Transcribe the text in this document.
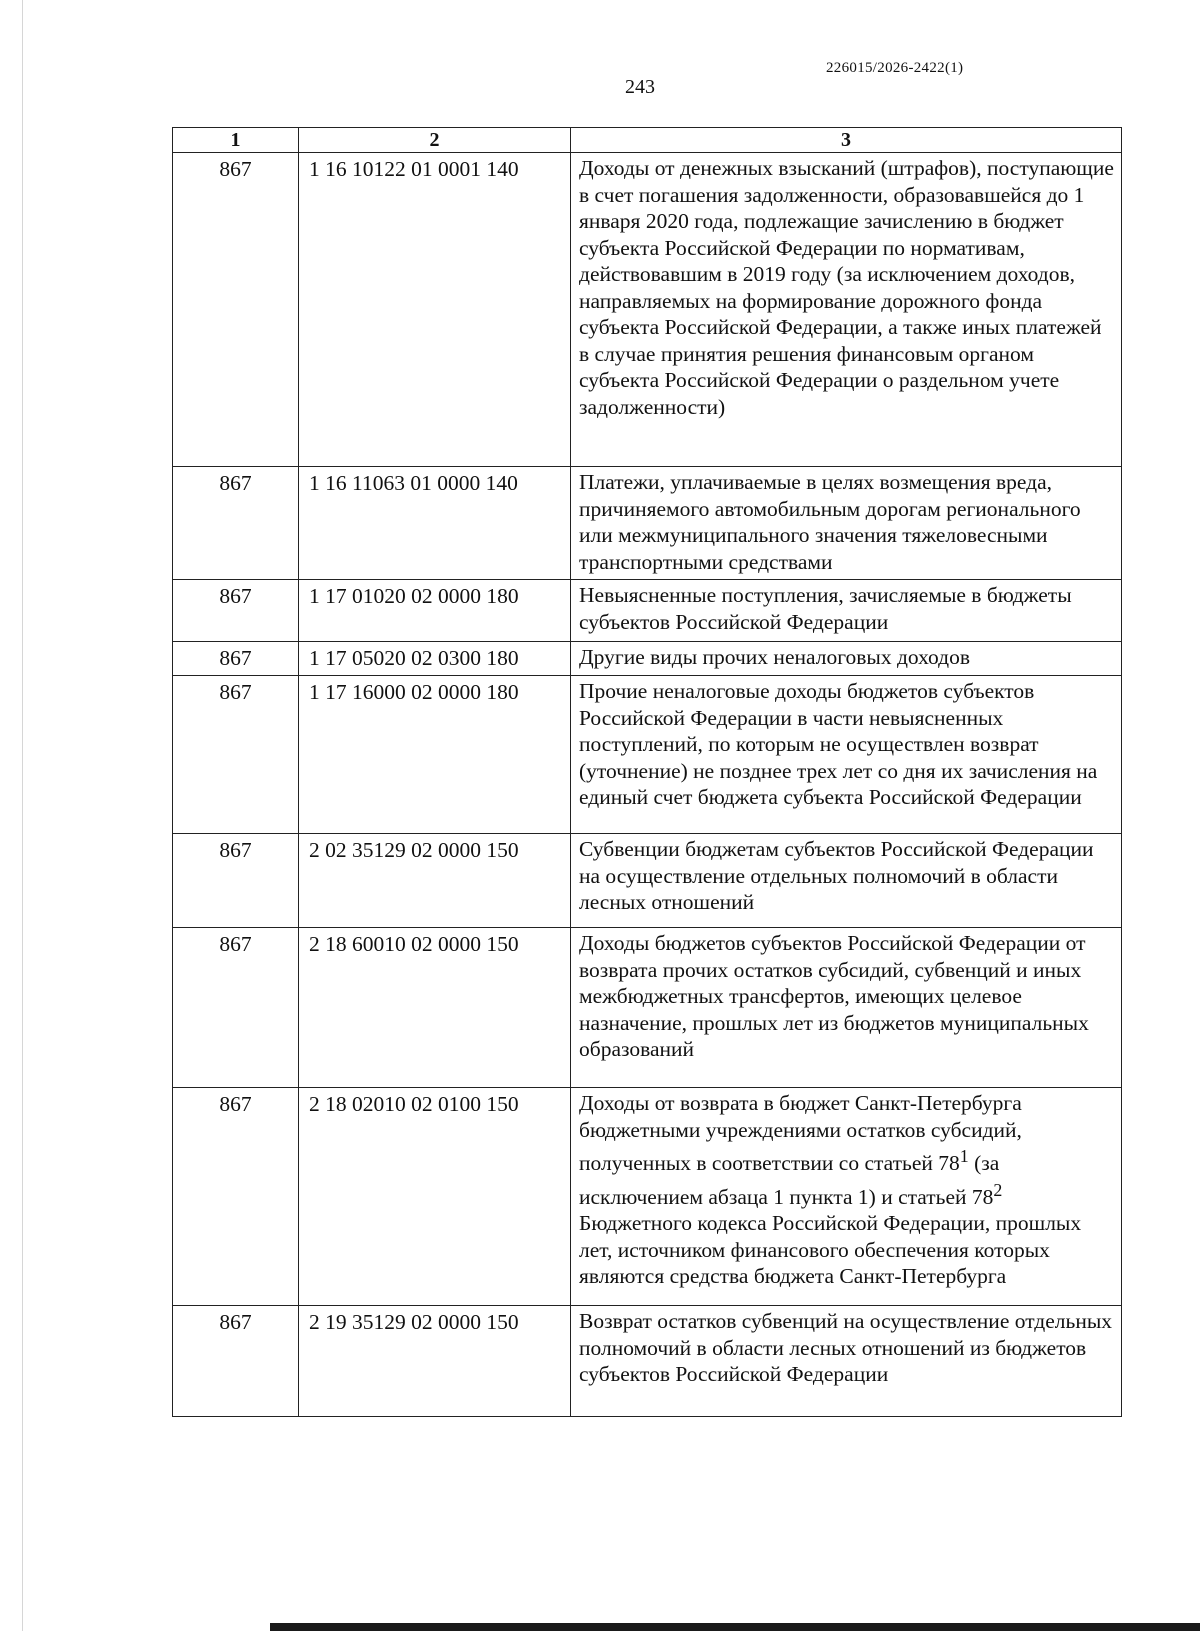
226015/2026-2422(1)
243
1	2	3
867	1 16 10122 01 0001 140	Доходы от денежных взысканий (штрафов), поступающие в счет погашения задолженности, образовавшейся до 1 января 2020 года, подлежащие зачислению в бюджет субъекта Российской Федерации по нормативам, действовавшим в 2019 году (за исключением доходов, направляемых на формирование дорожного фонда субъекта Российской Федерации, а также иных платежей в случае принятия решения финансовым органом субъекта Российской Федерации о раздельном учете задолженности)
867	1 16 11063 01 0000 140	Платежи, уплачиваемые в целях возмещения вреда, причиняемого автомобильным дорогам регионального или межмуниципального значения тяжеловесными транспортными средствами
867	1 17 01020 02 0000 180	Невыясненные поступления, зачисляемые в бюджеты субъектов Российской Федерации
867	1 17 05020 02 0300 180	Другие виды прочих неналоговых доходов
867	1 17 16000 02 0000 180	Прочие неналоговые доходы бюджетов субъектов Российской Федерации в части невыясненных поступлений, по которым не осуществлен возврат (уточнение) не позднее трех лет со дня их зачисления на единый счет бюджета субъекта Российской Федерации
867	2 02 35129 02 0000 150	Субвенции бюджетам субъектов Российской Федерации на осуществление отдельных полномочий в области лесных отношений
867	2 18 60010 02 0000 150	Доходы бюджетов субъектов Российской Федерации от возврата прочих остатков субсидий, субвенций и иных межбюджетных трансфертов, имеющих целевое назначение, прошлых лет из бюджетов муниципальных образований
867	2 18 02010 02 0100 150	Доходы от возврата в бюджет Санкт-Петербурга бюджетными учреждениями остатков субсидий, полученных в соответствии со статьей $78^1$ (за исключением абзаца 1 пункта 1) и статьей $78^2$ Бюджетного кодекса Российской Федерации, прошлых лет, источником финансового обеспечения которых являются средства бюджета Санкт-Петербурга
867	2 19 35129 02 0000 150	Возврат остатков субвенций на осуществление отдельных полномочий в области лесных отношений из бюджетов субъектов Российской Федерации
